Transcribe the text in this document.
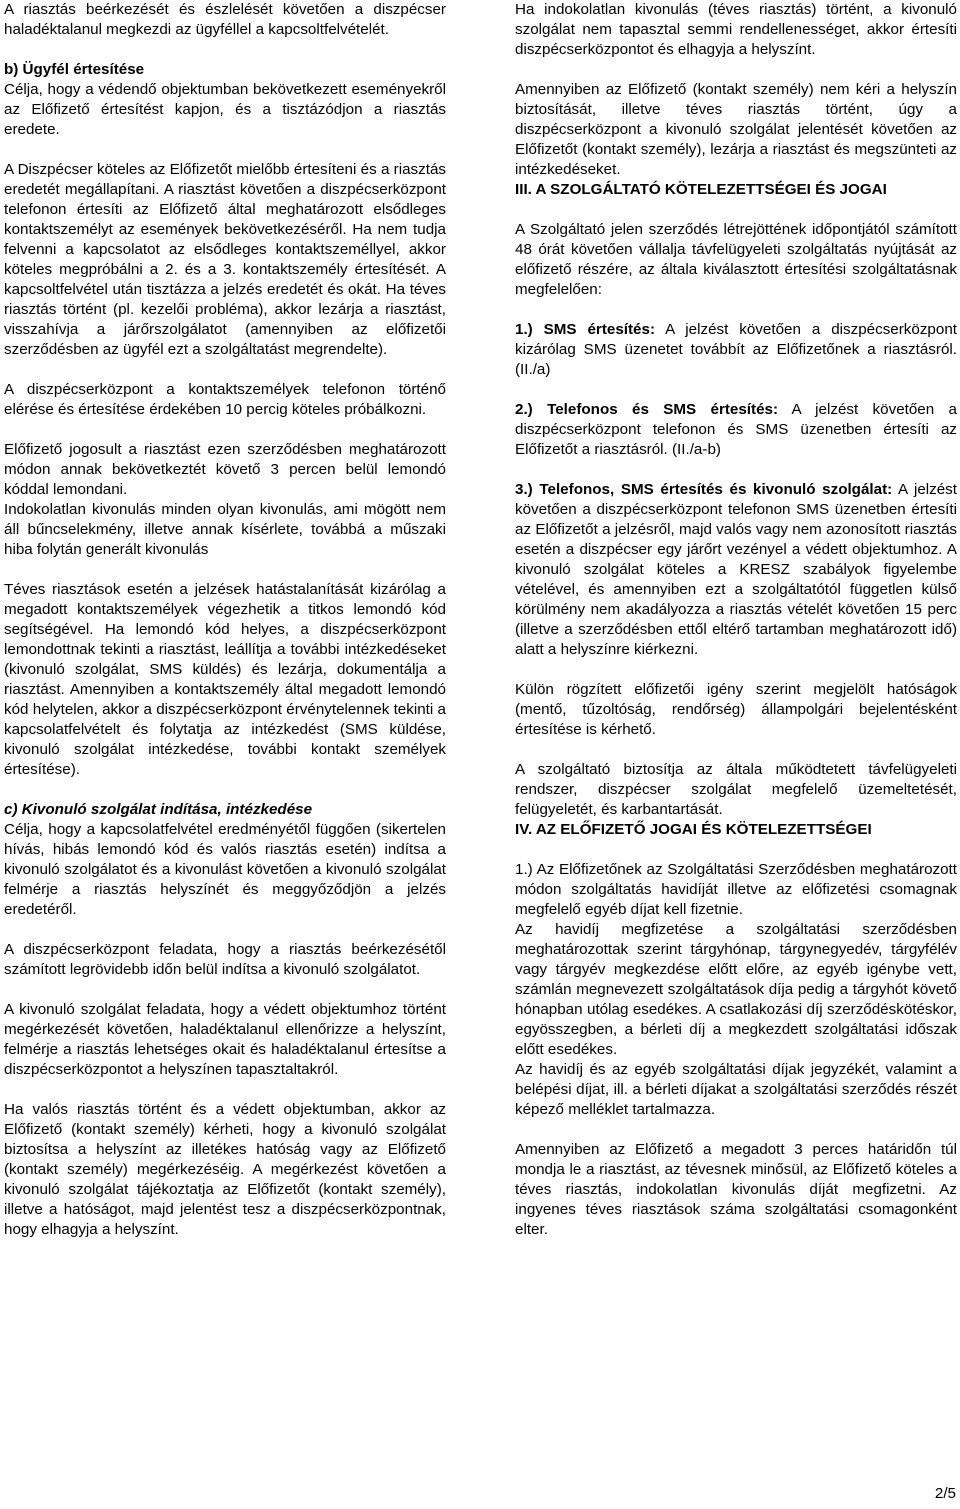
A riasztás beérkezését és észlelését követően a diszpécser haladéktalanul megkezdi az ügyféllel a kapcsoltfelvételét.

b) Ügyfél értesítése

Célja, hogy a védendő objektumban bekövetkezett eseményekről az Előfizető értesítést kapjon, és a tisztázódjon a riasztás eredete.

A Diszpécser köteles az Előfizetőt mielőbb értesíteni és a riasztás eredetét megállapítani. A riasztást követően a diszpécserközpont telefonon értesíti az Előfizető által meghatározott elsődleges kontaktszemélyt az események bekövetkezéséről. Ha nem tudja felvenni a kapcsolatot az elsődleges kontaktszeméllyel, akkor köteles megpróbálni a 2. és a 3. kontaktszemély értesítését. A kapcsoltfelvétel után tisztázza a jelzés eredetét és okát. Ha téves riasztás történt (pl. kezelői probléma), akkor lezárja a riasztást, visszahívja a járőrszolgálatot (amennyiben az előfizetői szerződésben az ügyfél ezt a szolgáltatást megrendelte).

A diszpécserközpont a kontaktszemélyek telefonon történő elérése és értesítése érdekében 10 percig köteles próbálkozni.

Előfizető jogosult a riasztást ezen szerződésben meghatározott módon annak bekövetkeztét követő 3 percen belül lemondó kóddal lemondani.

Indokolatlan kivonulás minden olyan kivonulás, ami mögött nem áll bűncselekmény, illetve annak kísérlete, továbbá a műszaki hiba folytán generált kivonulás

Téves riasztások esetén a jelzések hatástalanítását kizárólag a megadott kontaktszemélyek végezhetik a titkos lemondó kód segítségével. Ha lemondó kód helyes, a diszpécserközpont lemondottnak tekinti a riasztást, leállítja a további intézkedéseket (kivonuló szolgálat, SMS küldés) és lezárja, dokumentálja a riasztást. Amennyiben a kontaktszemély által megadott lemondó kód helytelen, akkor a diszpécserközpont érvénytelennek tekinti a kapcsolatfelvételt és folytatja az intézkedést (SMS küldése, kivonuló szolgálat intézkedése, további kontakt személyek értesítése).

c) Kivonuló szolgálat indítása, intézkedése

Célja, hogy a kapcsolatfelvétel eredményétől függően (sikertelen hívás, hibás lemondó kód és valós riasztás esetén) indítsa a kivonuló szolgálatot és a kivonulást követően a kivonuló szolgálat felmérje a riasztás helyszínét és meggyőződjön a jelzés eredetéről.

A diszpécserközpont feladata, hogy a riasztás beérkezésétől számított legrövidebb időn belül indítsa a kivonuló szolgálatot.

A kivonuló szolgálat feladata, hogy a védett objektumhoz történt megérkezését követően, haladéktalanul ellenőrizze a helyszínt, felmérje a riasztás lehetséges okait és haladéktalanul értesítse a diszpécserközpontot a helyszínen tapasztaltakról.

Ha valós riasztás történt és a védett objektumban, akkor az Előfizető (kontakt személy) kérheti, hogy a kivonuló szolgálat biztosítsa a helyszínt az illetékes hatóság vagy az Előfizető (kontakt személy) megérkezéséig. A megérkezést követően a kivonuló szolgálat tájékoztatja az Előfizetőt (kontakt személy), illetve a hatóságot, majd jelentést tesz a diszpécserközpontnak, hogy elhagyja a helyszínt.

Ha indokolatlan kivonulás (téves riasztás) történt, a kivonuló szolgálat nem tapasztal semmi rendellenességet, akkor értesíti diszpécserközpontot és elhagyja a helyszínt.

Amennyiben az Előfizető (kontakt személy) nem kéri a helyszín biztosítását, illetve téves riasztás történt, úgy a diszpécserközpont a kivonuló szolgálat jelentését követően az Előfizetőt (kontakt személy), lezárja a riasztást és megszünteti az intézkedéseket.

III. A SZOLGÁLTATÓ KÖTELEZETTSÉGEI ÉS JOGAI

A Szolgáltató jelen szerződés létrejöttének időpontjától számított 48 órát követően vállalja távfelügyeleti szolgáltatás nyújtását az előfizető részére, az általa kiválasztott értesítési szolgáltatásnak megfelelően:

1.) SMS értesítés: A jelzést követően a diszpécserközpont kizárólag SMS üzenetet továbbít az Előfizetőnek a riasztásról. (II./a)

2.) Telefonos és SMS értesítés: A jelzést követően a diszpécserközpont telefonon és SMS üzenetben értesíti az Előfizetőt a riasztásról. (II./a-b)

3.) Telefonos, SMS értesítés és kivonuló szolgálat: A jelzést követően a diszpécserközpont telefonon SMS üzenetben értesíti az Előfizetőt a jelzésről, majd valós vagy nem azonosított riasztás esetén a diszpécser egy járőrt vezényel a védett objektumhoz. A kivonuló szolgálat köteles a KRESZ szabályok figyelembe vételével, és amennyiben ezt a szolgáltatótól független külső körülmény nem akadályozza a riasztás vételét követően 15 perc (illetve a szerződésben ettől eltérő tartamban meghatározott idő) alatt a helyszínre kiérkezni.

Külön rögzített előfizetői igény szerint megjelölt hatóságok (mentő, tűzoltóság, rendőrség) állampolgári bejelentésként értesítése is kérhető.

A szolgáltató biztosítja az általa működtetett távfelügyeleti rendszer, diszpécser szolgálat megfelelő üzemeltetését, felügyeletét, és karbantartását.

IV. AZ ELŐFIZETŐ JOGAI ÉS KÖTELEZETTSÉGEI

1.) Az Előfizetőnek az Szolgáltatási Szerződésben meghatározott módon szolgáltatás havidíját illetve az előfizetési csomagnak megfelelő egyéb díjat kell fizetnie.

Az havidíj megfizetése a szolgáltatási szerződésben meghatározottak szerint tárgyhónap, tárgynegyedév, tárgyfélév vagy tárgyév megkezdése előtt előre, az egyéb igénybe vett, számlán megnevezett szolgáltatások díja pedig a tárgyhót követő hónapban utólag esedékes. A csatlakozási díj szerződéskötéskor, egyösszegben, a bérleti díj a megkezdett szolgáltatási időszak előtt esedékes.

Az havidíj és az egyéb szolgáltatási díjak jegyzékét, valamint a belépési díjat, ill. a bérleti díjakat a szolgáltatási szerződés részét képező melléklet tartalmazza.

Amennyiben az Előfizető a megadott 3 perces határidőn túl mondja le a riasztást, az tévesnek minősül, az Előfizető köteles a téves riasztás, indokolatlan kivonulás díját megfizetni. Az ingyenes téves riasztások száma szolgáltatási csomagonként elter.

2/5
